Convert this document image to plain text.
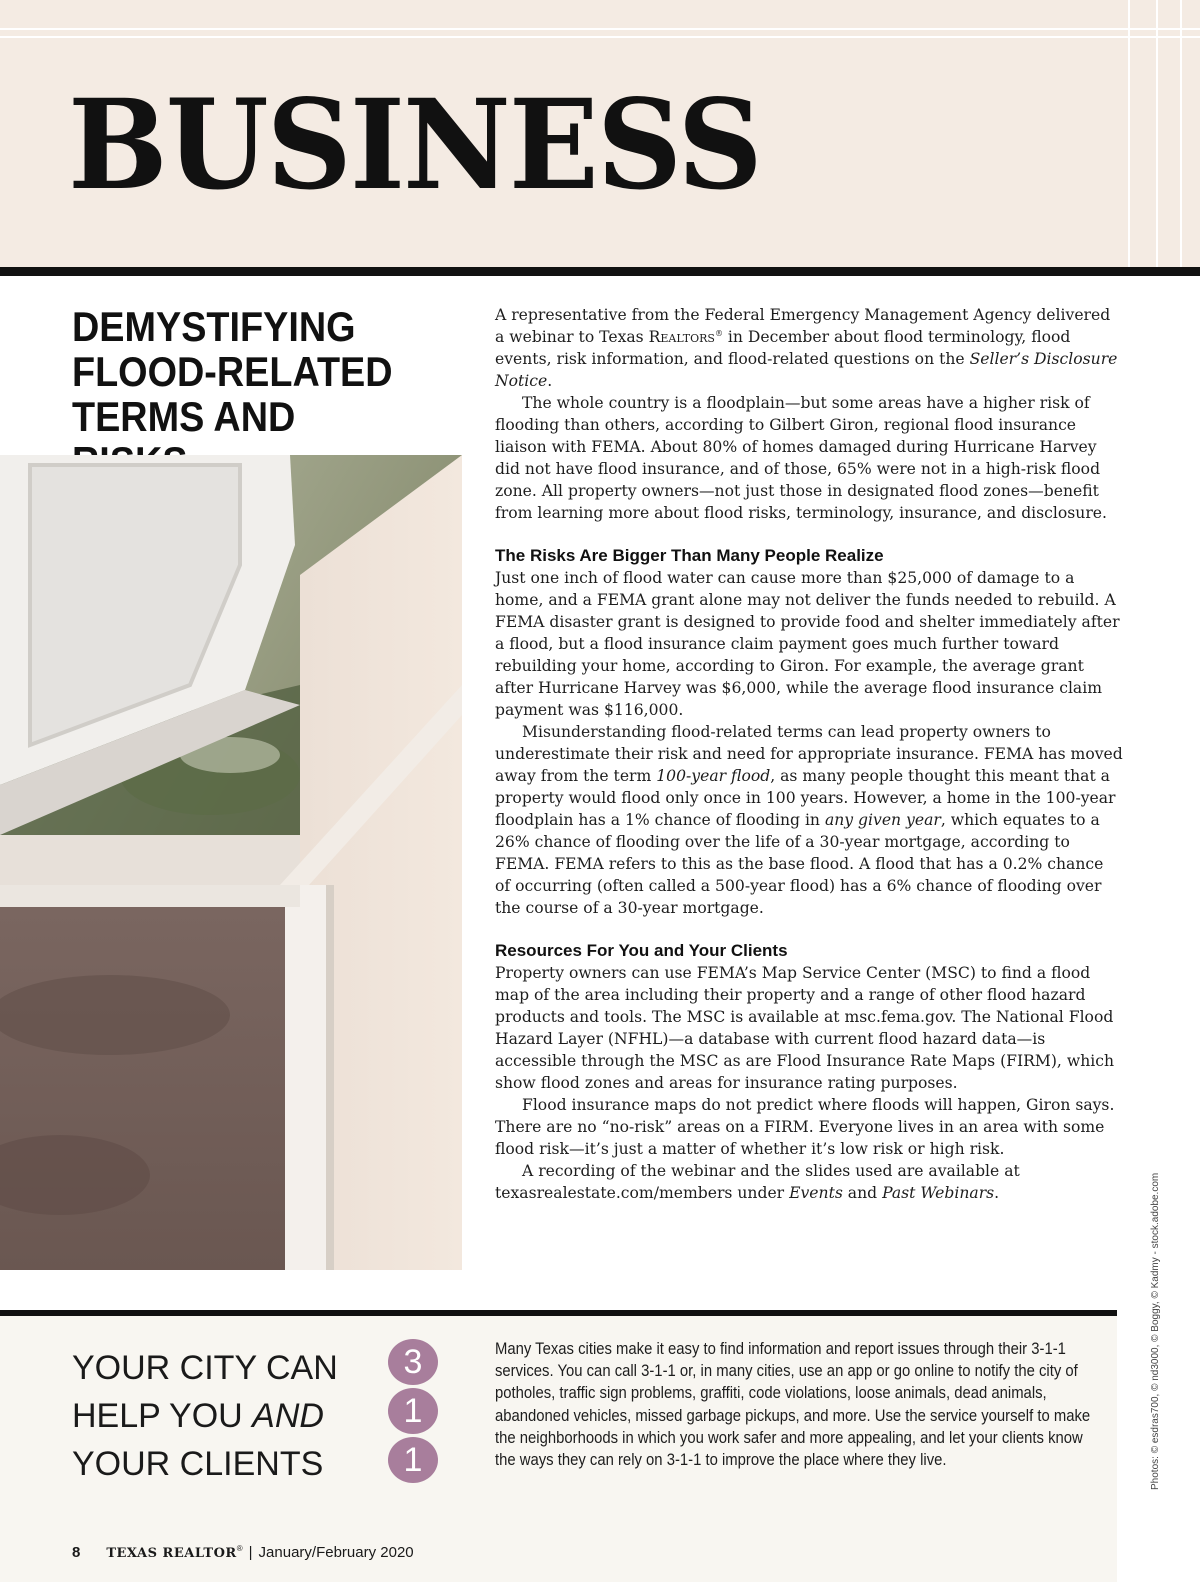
BUSINESS
DEMYSTIFYING FLOOD-RELATED TERMS AND

A representative from the Federal Emergency Management Agency delivered a webinar to Texas Realtors® in December about flood terminology, flood events, risk information, and flood-related questions on the Seller’s Disclosure Notice.

The whole country is a floodplain—but some areas have a higher risk of flooding than others, according to Gilbert Giron, regional flood insurance liaison with FEMA. About 80% of homes damaged during Hurricane Harvey did not have flood insurance, and of those, 65% were not in a high-risk flood zone. All property owners—not just those in designated flood zones—benefit from learning more about flood risks, terminology, insurance, and disclosure.

The Risks Are Bigger Than Many People Realize

Just one inch of flood water can cause more than $25,000 of damage to a home, and a FEMA grant alone may not deliver the funds needed to rebuild. A FEMA disaster grant is designed to provide food and shelter immediately after a flood, but a flood insurance claim payment goes much further toward rebuilding your home, according to Giron. For example, the average grant after Hurricane Harvey was $6,000, while the average flood insurance claim payment was $116,000.

Misunderstanding flood-related terms can lead property owners to underestimate their risk and need for appropriate insurance. FEMA has moved away from the term 100-year flood, as many people thought this meant that a property would flood only once in 100 years. However, a home in the 100-year floodplain has a 1% chance of flooding in any given year, which equates to a 26% chance of flooding over the life of a 30-year mortgage, according to FEMA. FEMA refers to this as the base flood. A flood that has a 0.2% chance of occurring (often called a 500-year flood) has a 6% chance of flooding over the course of a 30-year mortgage.

Resources For You and Your Clients

Property owners can use FEMA’s Map Service Center (MSC) to find a flood map of the area including their property and a range of other flood hazard products and tools. The MSC is available at msc.fema.gov. The National Flood Hazard Layer (NFHL)—a database with current flood hazard data—is accessible through the MSC as are Flood Insurance Rate Maps (FIRM), which show flood zones and areas for insurance rating purposes.

Flood insurance maps do not predict where floods will happen, Giron says. There are no “no-risk” areas on a FIRM. Everyone lives in an area with some flood risk—it’s just a matter of whether it’s low risk or high risk.

A recording of the webinar and the slides used are available at texasrealestate.com/members under Events and Past Webinars.	Photos: © esdras700, © nd3000, © Boggy, © Kadmy - stock.adobe.com
YOUR CITY CAN
HELP YOU AND
YOUR CLIENTS
3
1
1

Many Texas cities make it easy to find information and report issues through their 3-1-1 services. You can call 3-1-1 or, in many cities, use an app or go online to notify the city of potholes, traffic sign problems, graffiti, code violations, loose animals, dead animals, abandoned vehicles, missed garbage pickups, and more. Use the service yourself to make the neighborhoods in which you work safer and more appealing, and let your clients know the ways they can rely on 3-1-1 to improve the place where they live.

8 TEXAS REALTOR® | January/February 2020
